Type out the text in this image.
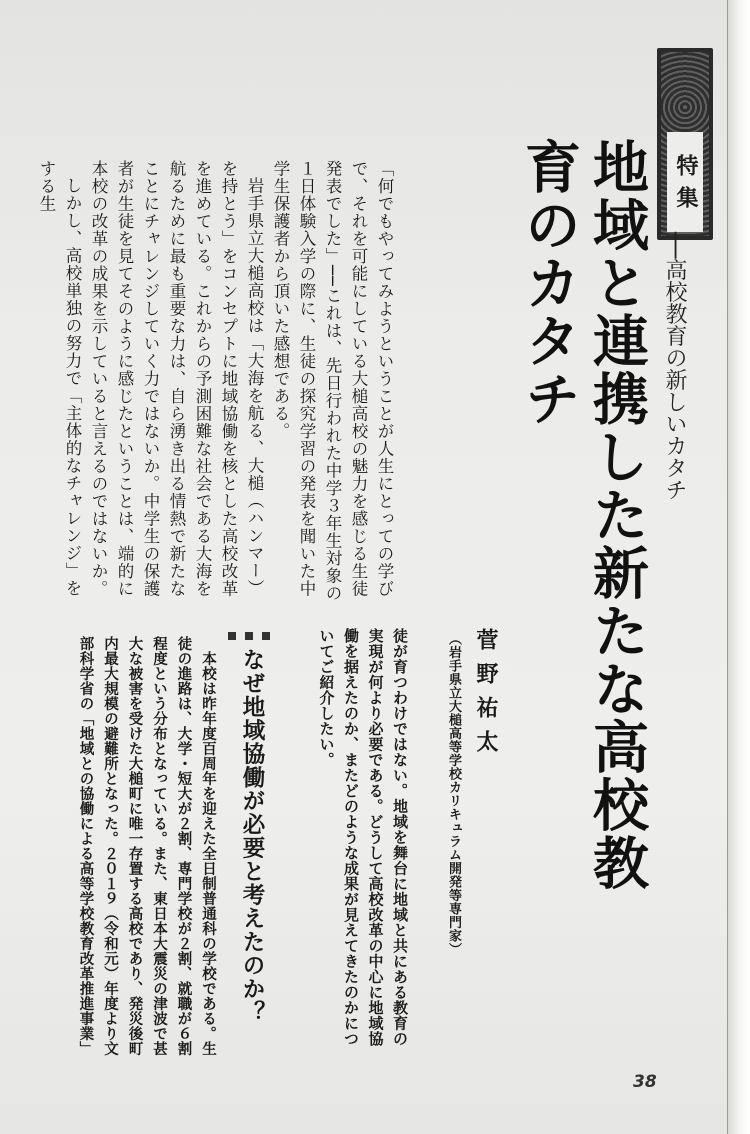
特集
──高校教育の新しいカタチ
地域と連携した新たな高校教育のカタチ

「何でもやってみようということが人生にとっての学びで、それを可能にしている大槌高校の魅力を感じる生徒発表でした」──これは、先日行われた中学３年生対象の１日体験入学の際に、生徒の探究学習の発表を聞いた中学生保護者から頂いた感想である。

岩手県立大槌高校は「大海を航る、大槌（ハンマー）を持とう」をコンセプトに地域協働を核とした高校改革を進めている。これからの予測困難な社会である大海を航るために最も重要な力は、自ら湧き出る情熱で新たなことにチャレンジしていく力ではないか。中学生の保護者が生徒を見てそのように感じたということは、端的に本校の改革の成果を示していると言えるのではないか。

しかし、高校単独の努力で「主体的なチャレンジ」をする生

菅野祐太
（岩手県立大槌高等学校カリキュラム開発等専門家）

徒が育つわけではない。地域を舞台に地域と共にある教育の実現が何より必要である。どうして高校改革の中心に地域協働を据えたのか、またどのような成果が見えてきたのかについてご紹介したい。

なぜ地域協働が必要と考えたのか？

本校は昨年度百周年を迎えた全日制普通科の学校である。生徒の進路は、大学・短大が２割、専門学校が２割、就職が６割程度という分布となっている。また、東日本大震災の津波で甚大な被害を受けた大槌町に唯一存置する高校であり、発災後町内最大規模の避難所となった。２０１９（令和元）年度より文部科学省の「地域との協働による高等学校教育改革推進事業」

38
